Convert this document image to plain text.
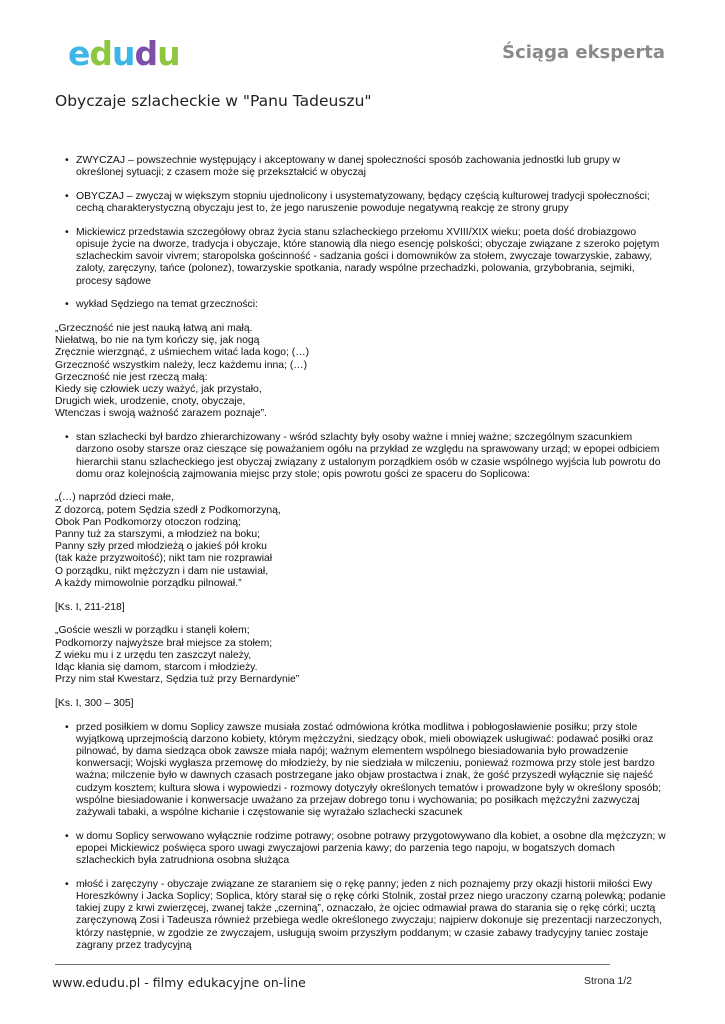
edudu	Ściąga eksperta
Obyczaje szlacheckie w "Panu Tadeuszu"
• ZWYCZAJ – powszechnie występujący i akceptowany w danej społeczności sposób zachowania jednostki lub grupy w określonej sytuacji; z czasem może się przekształcić w obyczaj
• OBYCZAJ – zwyczaj w większym stopniu ujednolicony i usystematyzowany, będący częścią kulturowej tradycji społeczności; cechą charakterystyczną obyczaju jest to, że jego naruszenie powoduje negatywną reakcję ze strony grupy
• Mickiewicz przedstawia szczegółowy obraz życia stanu szlacheckiego przełomu XVIII/XIX wieku; poeta dość drobiazgowo opisuje życie na dworze, tradycja i obyczaje, które stanowią dla niego esencję polskości; obyczaje związane z szeroko pojętym szlacheckim savoir vivrem; staropolska gościnność - sadzania gości i domowników za stołem, zwyczaje towarzyskie, zabawy, zaloty, zaręczyny, tańce (polonez), towarzyskie spotkania, narady wspólne przechadzki, polowania, grzybobrania, sejmiki, procesy sądowe
• wykład Sędziego na temat grzeczności:
„Grzeczność nie jest nauką łatwą ani małą.
Niełatwą, bo nie na tym kończy się, jak nogą
Zręcznie wierzgnąć, z uśmiechem witać lada kogo; (…)
Grzeczność wszystkim należy, lecz każdemu inna; (…)
Grzeczność nie jest rzeczą małą:
Kiedy się człowiek uczy ważyć, jak przystało,
Drugich wiek, urodzenie, cnoty, obyczaje,
Wtenczas i swoją ważność zarazem poznaje”.
• stan szlachecki był bardzo zhierarchizowany - wśród szlachty były osoby ważne i mniej ważne; szczególnym szacunkiem darzono osoby starsze oraz cieszące się poważaniem ogółu na przykład ze względu na sprawowany urząd; w epopei odbiciem hierarchii stanu szlacheckiego jest obyczaj związany z ustalonym porządkiem osób w czasie wspólnego wyjścia lub powrotu do domu oraz kolejnością zajmowania miejsc przy stole; opis powrotu gości ze spaceru do Soplicowa:
„(…) naprzód dzieci małe,
Z dozorcą, potem Sędzia szedł z Podkomorzyną,
Obok Pan Podkomorzy otoczon rodziną;
Panny tuż za starszymi, a młodzież na boku;
Panny szły przed młodzieżą o jakieś pół kroku
(tak każe przyzwoitość); nikt tam nie rozprawiał
O porządku, nikt mężczyzn i dam nie ustawiał,
A każdy mimowolnie porządku pilnował.”
[Ks. I, 211-218]
„Goście weszli w porządku i stanęli kołem;
Podkomorzy najwyższe brał miejsce za stołem;
Z wieku mu i z urzędu ten zaszczyt należy,
Idąc kłania się damom, starcom i młodzieży.
Przy nim stał Kwestarz, Sędzia tuż przy Bernardynie”
[Ks. I, 300 – 305]
• przed posiłkiem w domu Soplicy zawsze musiała zostać odmówiona krótka modlitwa i pobłogosławienie posiłku; przy stole wyjątkową uprzejmością darzono kobiety, którym mężczyźni, siedzący obok, mieli obowiązek usługiwać: podawać posiłki oraz pilnować, by dama siedząca obok zawsze miała napój; ważnym elementem wspólnego biesiadowania było prowadzenie konwersacji; Wojski wygłasza przemowę do młodzieży, by nie siedziała w milczeniu, ponieważ rozmowa przy stole jest bardzo ważna; milczenie było w dawnych czasach postrzegane jako objaw prostactwa i znak, że gość przyszedł wyłącznie się najeść cudzym kosztem; kultura słowa i wypowiedzi - rozmowy dotyczyły określonych tematów i prowadzone były w określony sposób; wspólne biesiadowanie i konwersacje uważano za przejaw dobrego tonu i wychowania; po posiłkach mężczyźni zazwyczaj zażywali tabaki, a wspólne kichanie i częstowanie się wyrażało szlachecki szacunek
• w domu Soplicy serwowano wyłącznie rodzime potrawy; osobne potrawy przygotowywano dla kobiet, a osobne dla mężczyzn; w epopei Mickiewicz poświęca sporo uwagi zwyczajowi parzenia kawy; do parzenia tego napoju, w bogatszych domach szlacheckich była zatrudniona osobna służąca
• młość i zaręczyny - obyczaje związane ze staraniem się o rękę panny; jeden z nich poznajemy przy okazji historii miłości Ewy Horeszkówny i Jacka Soplicy; Soplica, który starał się o rękę córki Stolnik, został przez niego uraczony czarną polewką; podanie takiej zupy z krwi zwierzęcej, zwanej także „czerniną”, oznaczało, że ojciec odmawiał prawa do starania się o rękę córki; ucztą zaręczynową Zosi i Tadeusza również przebiega wedle określonego zwyczaju; najpierw dokonuje się prezentacji narzeczonych, którzy następnie, w zgodzie ze zwyczajem, usługują swoim przyszłym poddanym; w czasie zabawy tradycyjny taniec zostaje zagrany przez tradycyjną
www.edudu.pl - filmy edukacyjne on-line	Strona 1/2
